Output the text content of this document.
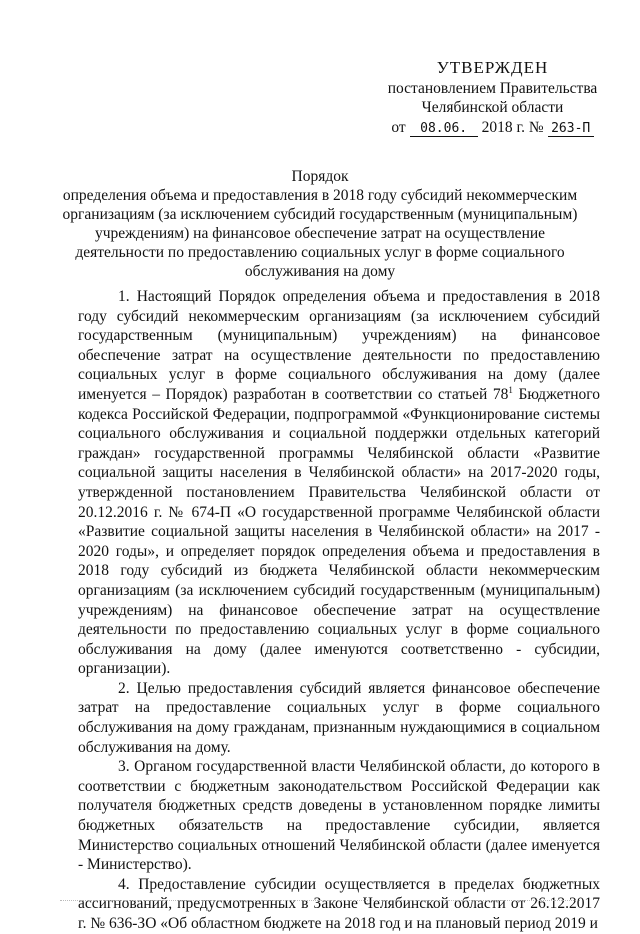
УТВЕРЖДЕН
постановлением Правительства
Челябинской области
от	08.06. 2018 г. № 263-П
Порядок
определения объема и предоставления в 2018 году субсидий некоммерческим
организациям (за исключением субсидий государственным (муниципальным)
учреждениям) на финансовое обеспечение затрат на осуществление
деятельности по предоставлению социальных услуг в форме социального
обслуживания на дому

1. Настоящий Порядок определения объема и предоставления в 2018 году субсидий некоммерческим организациям (за исключением субсидий государственным (муниципальным) учреждениям) на финансовое обеспечение затрат на осуществление деятельности по предоставлению социальных услуг в форме социального обслуживания на дому (далее именуется – Порядок) разработан в соответствии со статьей $78^1$ Бюджетного кодекса Российской Федерации, подпрограммой «Функционирование системы социального обслуживания и социальной поддержки отдельных категорий граждан» государственной программы Челябинской области «Развитие социальной защиты населения в Челябинской области» на 2017-2020 годы, утвержденной постановлением Правительства Челябинской области от 20.12.2016 г. № 674-П «О государственной программе Челябинской области «Развитие социальной защиты населения в Челябинской области» на 2017 - 2020 годы», и определяет порядок определения объема и предоставления в 2018 году субсидий из бюджета Челябинской области некоммерческим организациям (за исключением субсидий государственным (муниципальным) учреждениям) на финансовое обеспечение затрат на осуществление деятельности по предоставлению социальных услуг в форме социального обслуживания на дому (далее именуются соответственно - субсидии, организации).

2. Целью предоставления субсидий является финансовое обеспечение затрат на предоставление социальных услуг в форме социального обслуживания на дому гражданам, признанным нуждающимися в социальном обслуживания на дому.

3. Органом государственной власти Челябинской области, до которого в соответствии с бюджетным законодательством Российской Федерации как получателя бюджетных средств доведены в установленном порядке лимиты бюджетных обязательств на предоставление субсидии, является Министерство социальных отношений Челябинской области (далее именуется - Министерство).

4. Предоставление субсидии осуществляется в пределах бюджетных ассигнований, предусмотренных в Законе Челябинской области от 26.12.2017 г. № 636-ЗО «Об областном бюджете на 2018 год и на плановый период 2019 и
